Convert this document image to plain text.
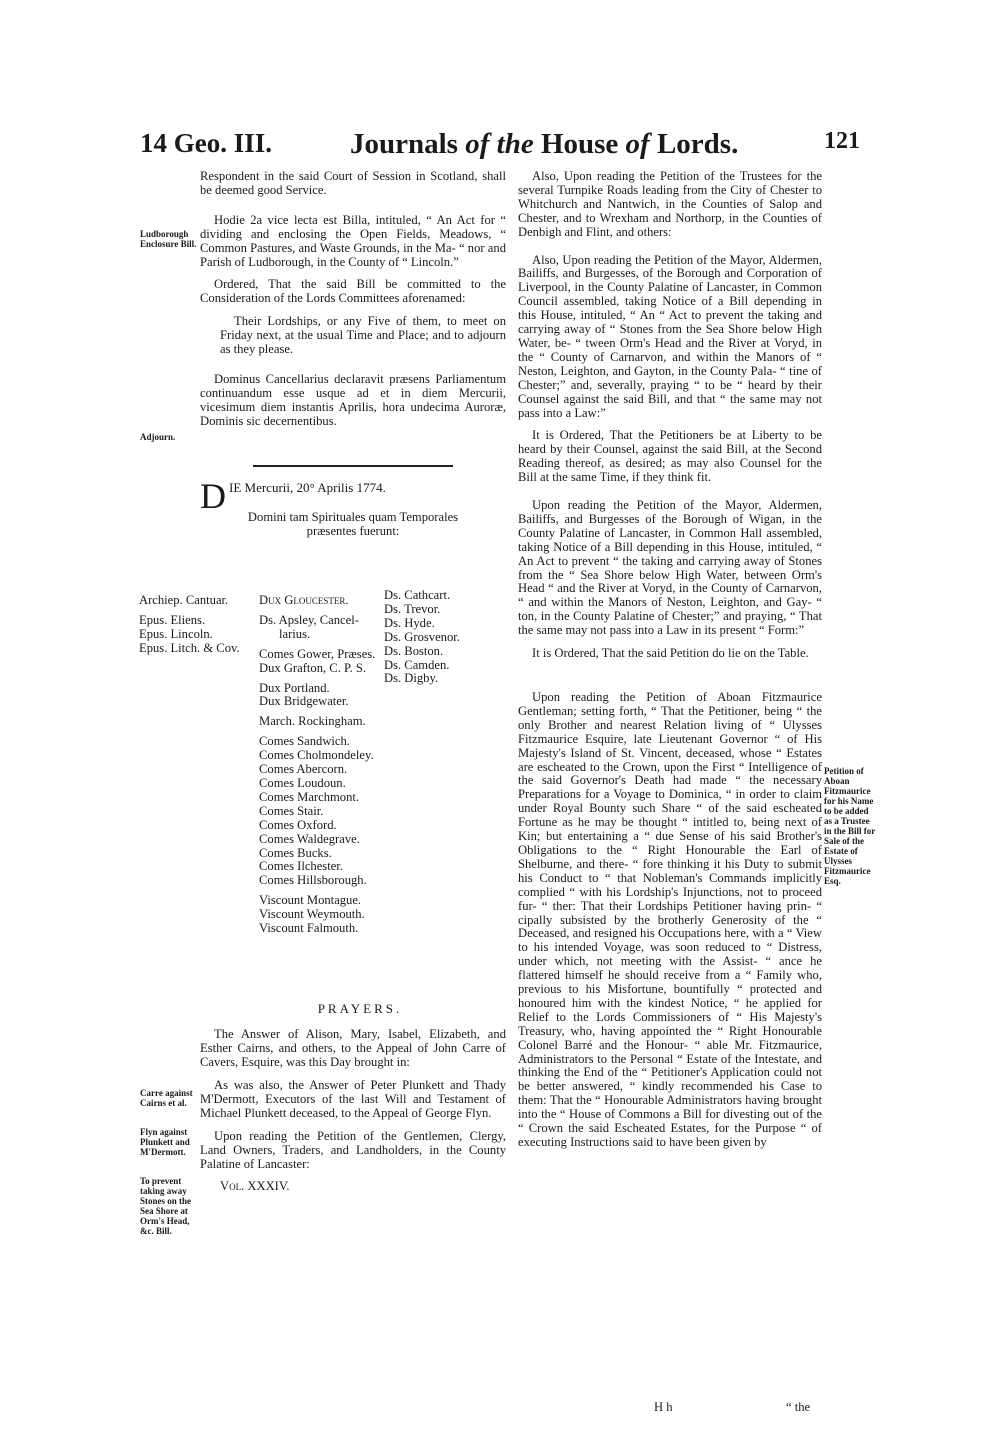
14 Geo. III.	Journals of the House of Lords.	121
Ludborough Enclosure Bill.
Adjourn.
Carre against Cairns et al.
Flyn against Plunkett and M'Dermott.
To prevent taking away Stones on the Sea Shore at Orm's Head, &c. Bill.
Petition of Aboan Fitzmaurice for his Name to be added as a Trustee in the Bill for Sale of the Estate of Ulysses Fitzmaurice Esq.

Respondent in the said Court of Session in Scotland, shall be deemed good Service.

Hodie 2a vice lecta est Billa, intituled, “ An Act for “ dividing and enclosing the Open Fields, Meadows, “ Common Pastures, and Waste Grounds, in the Ma- “ nor and Parish of Ludborough, in the County of “ Lincoln.”

Ordered, That the said Bill be committed to the Consideration of the Lords Committees aforenamed:

Their Lordships, or any Five of them, to meet on Friday next, at the usual Time and Place; and to adjourn as they please.

Dominus Cancellarius declaravit præsens Parliamentum continuandum esse usque ad et in diem Mercurii, vicesimum diem instantis Aprilis, hora undecima Auroræ, Dominis sic decernentibus.

D IE Mercurii, 20° Aprilis 1774.

Domini tam Spirituales quam Temporales præsentes fuerunt:

PRAYERS.

The Answer of Alison, Mary, Isabel, Elizabeth, and Esther Cairns, and others, to the Appeal of John Carre of Cavers, Esquire, was this Day brought in:

As was also, the Answer of Peter Plunkett and Thady M'Dermott, Executors of the last Will and Testament of Michael Plunkett deceased, to the Appeal of George Flyn.

Upon reading the Petition of the Gentlemen, Clergy, Land Owners, Traders, and Landholders, in the County Palatine of Lancaster:

Vol. XXXIV.
Archiep. Cantuar.
Epus. Eliens.
Epus. Lincoln.
Epus. Litch. & Cov.
Dux Gloucester.
Ds. Apsley, Cancel-
larius.
Comes Gower, Præses.
Dux Grafton, C. P. S.
Dux Portland.
Dux Bridgewater.
March. Rockingham.
Comes Sandwich.
Comes Cholmondeley.
Comes Abercorn.
Comes Loudoun.
Comes Marchmont.
Comes Stair.
Comes Oxford.
Comes Waldegrave.
Comes Bucks.
Comes Ilchester.
Comes Hillsborough.
Viscount Montague.
Viscount Weymouth.
Viscount Falmouth.
Ds. Cathcart.
Ds. Trevor.
Ds. Hyde.
Ds. Grosvenor.
Ds. Boston.
Ds. Camden.
Ds. Digby.

Also, Upon reading the Petition of the Trustees for the several Turnpike Roads leading from the City of Chester to Whitchurch and Nantwich, in the Counties of Salop and Chester, and to Wrexham and Northorp, in the Counties of Denbigh and Flint, and others:

Also, Upon reading the Petition of the Mayor, Aldermen, Bailiffs, and Burgesses, of the Borough and Corporation of Liverpool, in the County Palatine of Lancaster, in Common Council assembled, taking Notice of a Bill depending in this House, intituled, “ An “ Act to prevent the taking and carrying away of “ Stones from the Sea Shore below High Water, be- “ tween Orm's Head and the River at Voryd, in the “ County of Carnarvon, and within the Manors of “ Neston, Leighton, and Gayton, in the County Pala- “ tine of Chester;” and, severally, praying “ to be “ heard by their Counsel against the said Bill, and that “ the same may not pass into a Law:”

It is Ordered, That the Petitioners be at Liberty to be heard by their Counsel, against the said Bill, at the Second Reading thereof, as desired; as may also Counsel for the Bill at the same Time, if they think fit.

Upon reading the Petition of the Mayor, Aldermen, Bailiffs, and Burgesses of the Borough of Wigan, in the County Palatine of Lancaster, in Common Hall assembled, taking Notice of a Bill depending in this House, intituled, “ An Act to prevent “ the taking and carrying away of Stones from the “ Sea Shore below High Water, between Orm's Head “ and the River at Voryd, in the County of Carnarvon, “ and within the Manors of Neston, Leighton, and Gay- “ ton, in the County Palatine of Chester;” and praying, “ That the same may not pass into a Law in its present “ Form:”

It is Ordered, That the said Petition do lie on the Table.

Upon reading the Petition of Aboan Fitzmaurice Gentleman; setting forth, “ That the Petitioner, being “ the only Brother and nearest Relation living of “ Ulysses Fitzmaurice Esquire, late Lieutenant Governor “ of His Majesty's Island of St. Vincent, deceased, whose “ Estates are escheated to the Crown, upon the First “ Intelligence of the said Governor's Death had made “ the necessary Preparations for a Voyage to Dominica, “ in order to claim under Royal Bounty such Share “ of the said escheated Fortune as he may be thought “ intitled to, being next of Kin; but entertaining a “ due Sense of his said Brother's Obligations to the “ Right Honourable the Earl of Shelburne, and there- “ fore thinking it his Duty to submit his Conduct to “ that Nobleman's Commands implicitly complied “ with his Lordship's Injunctions, not to proceed fur- “ ther: That their Lordships Petitioner having prin- “ cipally subsisted by the brotherly Generosity of the “ Deceased, and resigned his Occupations here, with a “ View to his intended Voyage, was soon reduced to “ Distress, under which, not meeting with the Assist- “ ance he flattered himself he should receive from a “ Family who, previous to his Misfortune, bountifully “ protected and honoured him with the kindest Notice, “ he applied for Relief to the Lords Commissioners of “ His Majesty's Treasury, who, having appointed the “ Right Honourable Colonel Barré and the Honour- “ able Mr. Fitzmaurice, Administrators to the Personal “ Estate of the Intestate, and thinking the End of the “ Petitioner's Application could not be better answered, “ kindly recommended his Case to them: That the “ Honourable Administrators having brought into the “ House of Commons a Bill for divesting out of the “ Crown the said Escheated Estates, for the Purpose “ of executing Instructions said to have been given by

H h	“ the
